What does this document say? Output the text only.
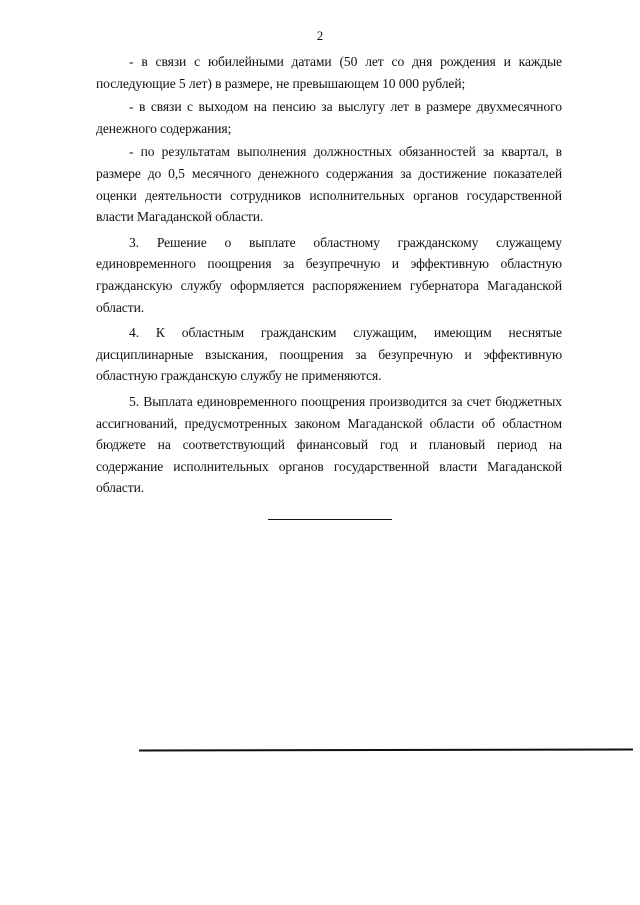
2

- в связи с юбилейными датами (50 лет со дня рождения и каждые последующие 5 лет) в размере, не превышающем 10 000 рублей;

- в связи с выходом на пенсию за выслугу лет в размере двухмесячного денежного содержания;

- по результатам выполнения должностных обязанностей за квартал, в размере до 0,5 месячного денежного содержания за достижение показателей оценки деятельности сотрудников исполнительных органов государственной власти Магаданской области.

3. Решение о выплате областному гражданскому служащему единовременного поощрения за безупречную и эффективную областную гражданскую службу оформляется распоряжением губернатора Магаданской области.

4. К областным гражданским служащим, имеющим неснятые дисциплинарные взыскания, поощрения за безупречную и эффективную областную гражданскую службу не применяются.

5. Выплата единовременного поощрения производится за счет бюджетных ассигнований, предусмотренных законом Магаданской области об областном бюджете на соответствующий финансовый год и плановый период на содержание исполнительных органов государственной власти Магаданской области.
